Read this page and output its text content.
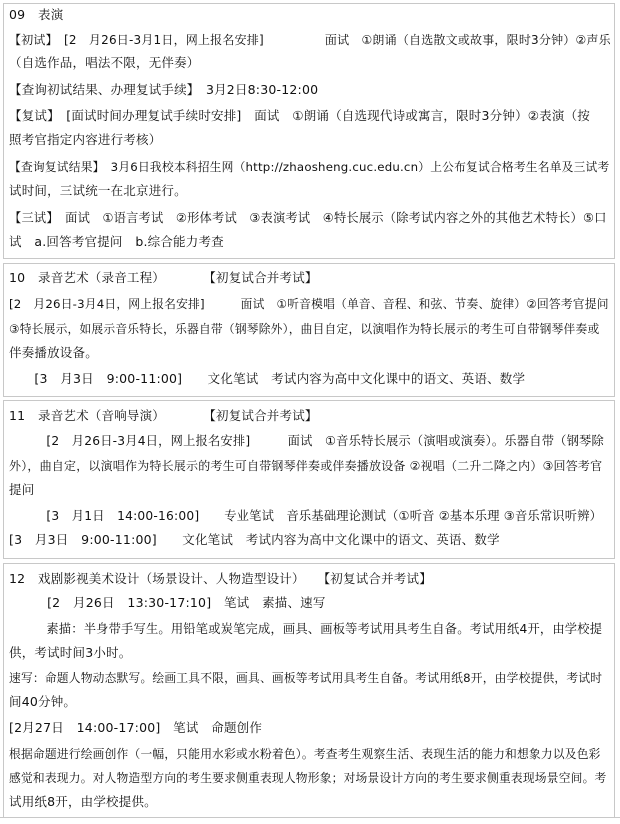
09　表演
【初试】　[2　月26日-3月1日，网上报名安排]　　　　　面试　①朗诵（自选散文或故事，限时3分钟）②声乐
（自选作品，唱法不限，无伴奏）
【查询初试结果、办理复试手续】　3月2日8:30-12:00
【复试】　[面试时间办理复试手续时安排]　面试　①朗诵（自选现代诗或寓言，限时3分钟）②表演（按
照考官指定内容进行考核）
【查询复试结果】　3月6日我校本科招生网（http://zhaosheng.cuc.edu.cn）上公布复试合格考生名单及三试考
试时间，三试统一在北京进行。
【三试】　面试　①语言考试　②形体考试　③表演考试　④特长展示（除考试内容之外的其他艺术特长）⑤口
试　a.回答考官提问　b.综合能力考查
10　录音艺术（录音工程）　　　　【初复试合并考试】
[2　月26日-3月4日，网上报名安排]　　　面试　①听音模唱（单音、音程、和弦、节奏、旋律）②回答考官提问
③特长展示，如展示音乐特长，乐器自带（钢琴除外），曲目自定，以演唱作为特长展示的考生可自带钢琴伴奏或
伴奏播放设备。
　　[3　月3日　9:00-11:00]　　文化笔试　考试内容为高中文化课中的语文、英语、数学
11　录音艺术（音响导演）　　　　【初复试合并考试】
　　　[2　月26日-3月4日，网上报名安排]　　　面试　①音乐特长展示（演唱或演奏）。乐器自带（钢琴除
外），曲自定，以演唱作为特长展示的考生可自带钢琴伴奏或伴奏播放设备 ②视唱（二升二降之内）③回答考官
提问
　　　[3　月1日　14:00-16:00]　　专业笔试　音乐基础理论测试（①听音 ②基本乐理 ③音乐常识听辨）
[3　月3日　9:00-11:00]　　文化笔试　考试内容为高中文化课中的语文、英语、数学
12　戏剧影视美术设计（场景设计、人物造型设计）　　【初复试合并考试】
　　　[2　月26日　13:30-17:10]　笔试　素描、速写
　　　素描：半身带手写生。用铅笔或炭笔完成，画具、画板等考试用具考生自备。考试用纸4开，由学校提
供，考试时间3小时。
速写：命题人物动态默写。绘画工具不限，画具、画板等考试用具考生自备。考试用纸8开，由学校提供，考试时
间40分钟。
[2月27日　14:00-17:00]　笔试　命题创作
根据命题进行绘画创作（一幅，只能用水彩或水粉着色）。考查考生观察生活、表现生活的能力和想象力以及色彩
感觉和表现力。对人物造型方向的考生要求侧重表现人物形象；对场景设计方向的考生要求侧重表现场景空间。考
试用纸8开，由学校提供。
